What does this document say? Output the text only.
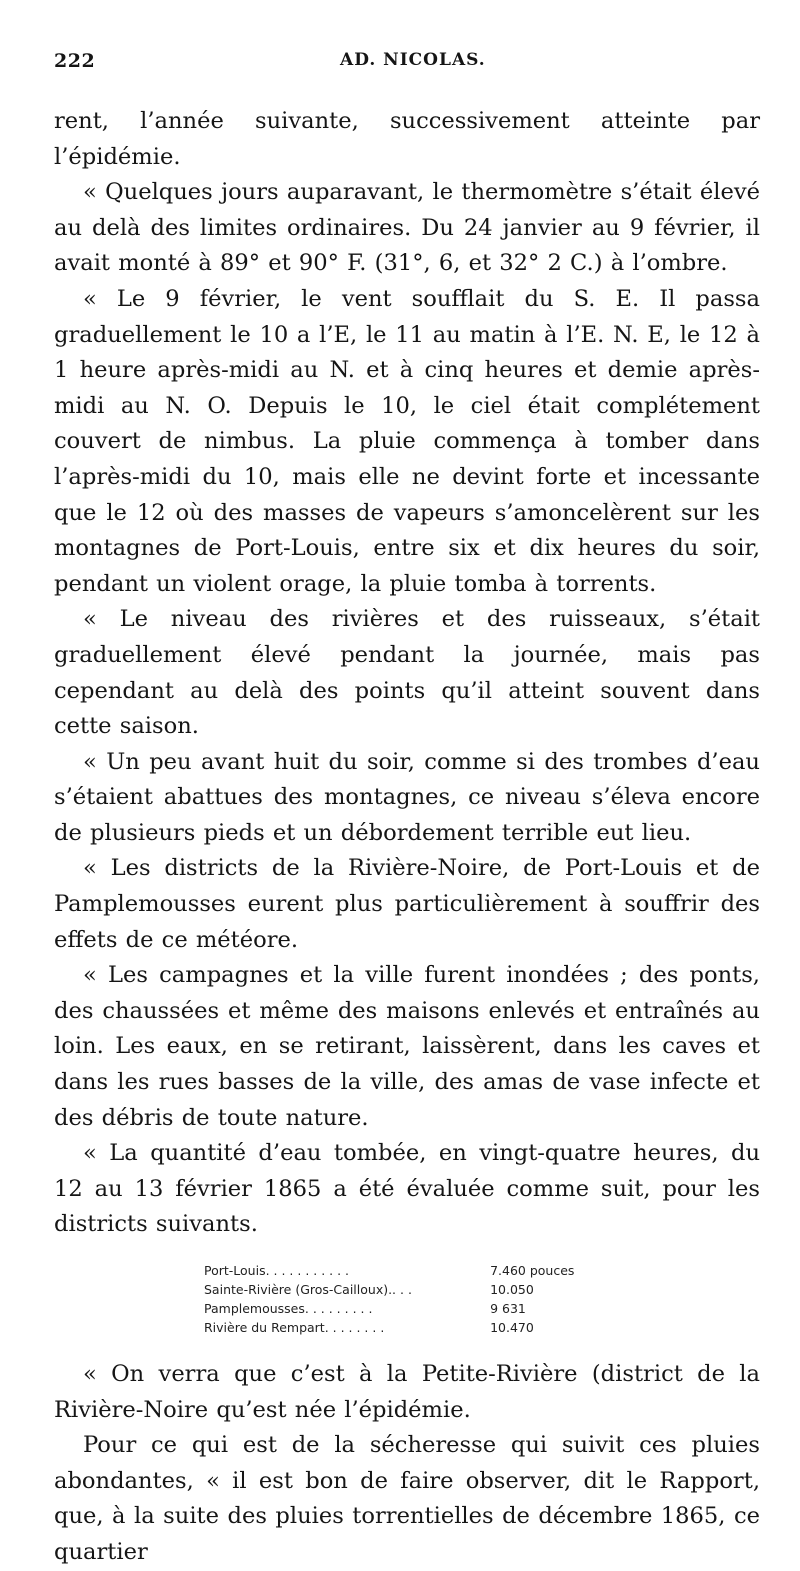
222	AD. NICOLAS.

rent, l’année suivante, successivement atteinte par l’épidémie.

« Quelques jours auparavant, le thermomètre s’était élevé au delà des limites ordinaires. Du 24 janvier au 9 février, il avait monté à 89° et 90° F. (31°, 6, et 32° 2 C.) à l’ombre.

« Le 9 février, le vent soufflait du S. E. Il passa graduellement le 10 a l’E, le 11 au matin à l’E. N. E, le 12 à 1 heure après-midi au N. et à cinq heures et demie après-midi au N. O. Depuis le 10, le ciel était complétement couvert de nimbus. La pluie commença à tomber dans l’après-midi du 10, mais elle ne devint forte et incessante que le 12 où des masses de vapeurs s’amoncelèrent sur les montagnes de Port-Louis, entre six et dix heures du soir, pendant un violent orage, la pluie tomba à torrents.

« Le niveau des rivières et des ruisseaux, s’était graduellement élevé pendant la journée, mais pas cependant au delà des points qu’il atteint souvent dans cette saison.

« Un peu avant huit du soir, comme si des trombes d’eau s’étaient abattues des montagnes, ce niveau s’éleva encore de plusieurs pieds et un débordement terrible eut lieu.

« Les districts de la Rivière-Noire, de Port-Louis et de Pamplemousses eurent plus particulièrement à souffrir des effets de ce météore.

« Les campagnes et la ville furent inondées ; des ponts, des chaussées et même des maisons enlevés et entraînés au loin. Les eaux, en se retirant, laissèrent, dans les caves et dans les rues basses de la ville, des amas de vase infecte et des débris de toute nature.

« La quantité d’eau tombée, en vingt-quatre heures, du 12 au 13 février 1865 a été évaluée comme suit, pour les districts suivants.

Port-Louis. . . . . . . . . . .	7.460 pouces
Sainte-Rivière (Gros-Cailloux).. . .	10.050
Pamplemousses. . . . . . . . .	9 631
Rivière du Rempart. . . . . . . .	10.470

« On verra que c’est à la Petite-Rivière (district de la Rivière-Noire qu’est née l’épidémie.

Pour ce qui est de la sécheresse qui suivit ces pluies abondantes, « il est bon de faire observer, dit le Rapport, que, à la suite des pluies torrentielles de décembre 1865, ce quartier
